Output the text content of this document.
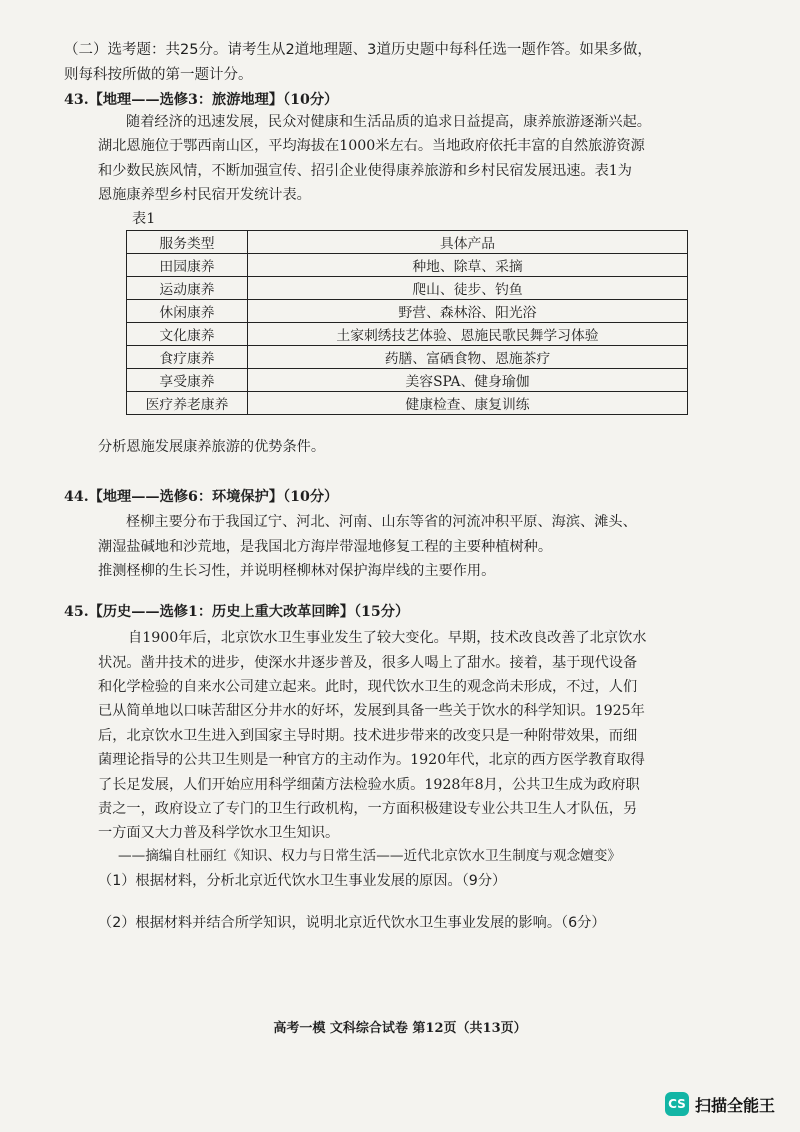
（二）选考题：共25分。请考生从2道地理题、3道历史题中每科任选一题作答。如果多做，
则每科按所做的第一题计分。
43.【地理——选修3：旅游地理】（10分）
随着经济的迅速发展，民众对健康和生活品质的追求日益提高，康养旅游逐渐兴起。
湖北恩施位于鄂西南山区，平均海拔在1000米左右。当地政府依托丰富的自然旅游资源
和少数民族风情，不断加强宣传、招引企业使得康养旅游和乡村民宿发展迅速。表1为
恩施康养型乡村民宿开发统计表。
表1
服务类型	具体产品
田园康养	种地、除草、采摘
运动康养	爬山、徒步、钓鱼
休闲康养	野营、森林浴、阳光浴
文化康养	土家刺绣技艺体验、恩施民歌民舞学习体验
食疗康养	药膳、富硒食物、恩施茶疗
享受康养	美容SPA、健身瑜伽
医疗养老康养	健康检查、康复训练
分析恩施发展康养旅游的优势条件。
44.【地理——选修6：环境保护】（10分）
柽柳主要分布于我国辽宁、河北、河南、山东等省的河流冲积平原、海滨、滩头、
潮湿盐碱地和沙荒地，是我国北方海岸带湿地修复工程的主要种植树种。
推测柽柳的生长习性，并说明柽柳林对保护海岸线的主要作用。
45.【历史——选修1：历史上重大改革回眸】（15分）
自1900年后，北京饮水卫生事业发生了较大变化。早期，技术改良改善了北京饮水
状况。凿井技术的进步，使深水井逐步普及，很多人喝上了甜水。接着，基于现代设备
和化学检验的自来水公司建立起来。此时，现代饮水卫生的观念尚未形成，不过，人们
已从简单地以口味苦甜区分井水的好坏，发展到具备一些关于饮水的科学知识。1925年
后，北京饮水卫生进入到国家主导时期。技术进步带来的改变只是一种附带效果，而细
菌理论指导的公共卫生则是一种官方的主动作为。1920年代，北京的西方医学教育取得
了长足发展，人们开始应用科学细菌方法检验水质。1928年8月，公共卫生成为政府职
责之一，政府设立了专门的卫生行政机构，一方面积极建设专业公共卫生人才队伍，另
一方面又大力普及科学饮水卫生知识。
——摘编自杜丽红《知识、权力与日常生活——近代北京饮水卫生制度与观念嬗变》
（1）根据材料，分析北京近代饮水卫生事业发展的原因。（9分）
（2）根据材料并结合所学知识，说明北京近代饮水卫生事业发展的影响。（6分）
高考一模 文科综合试卷 第12页（共13页）
CS 扫描全能王
